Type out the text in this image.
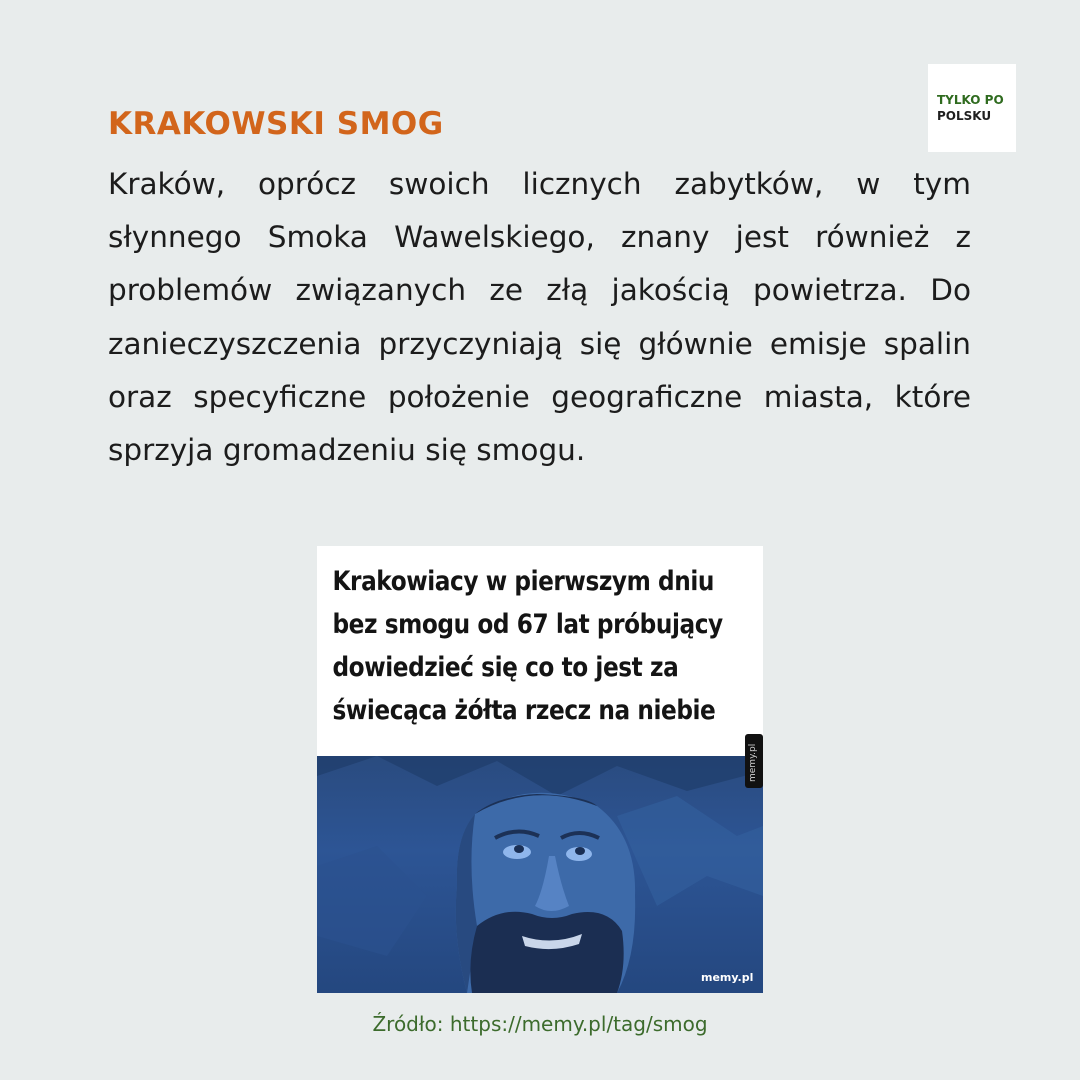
TYLKO PO
POLSKU
KRAKOWSKI SMOG

Kraków, oprócz swoich licznych zabytków, w tym słynnego Smoka Wawelskiego, znany jest również z problemów związanych ze złą jakością powietrza. Do zanieczyszczenia przyczyniają się głównie emisje spalin oraz specyficzne położenie geograficzne miasta, które sprzyja gromadzeniu się smogu.

Krakowiacy w pierwszym dniu
bez smogu od 67 lat próbujący
dowiedzieć się co to jest za
świecąca żółta rzecz na niebie
memy.pl
memy.pl
Źródło: https://memy.pl/tag/smog
